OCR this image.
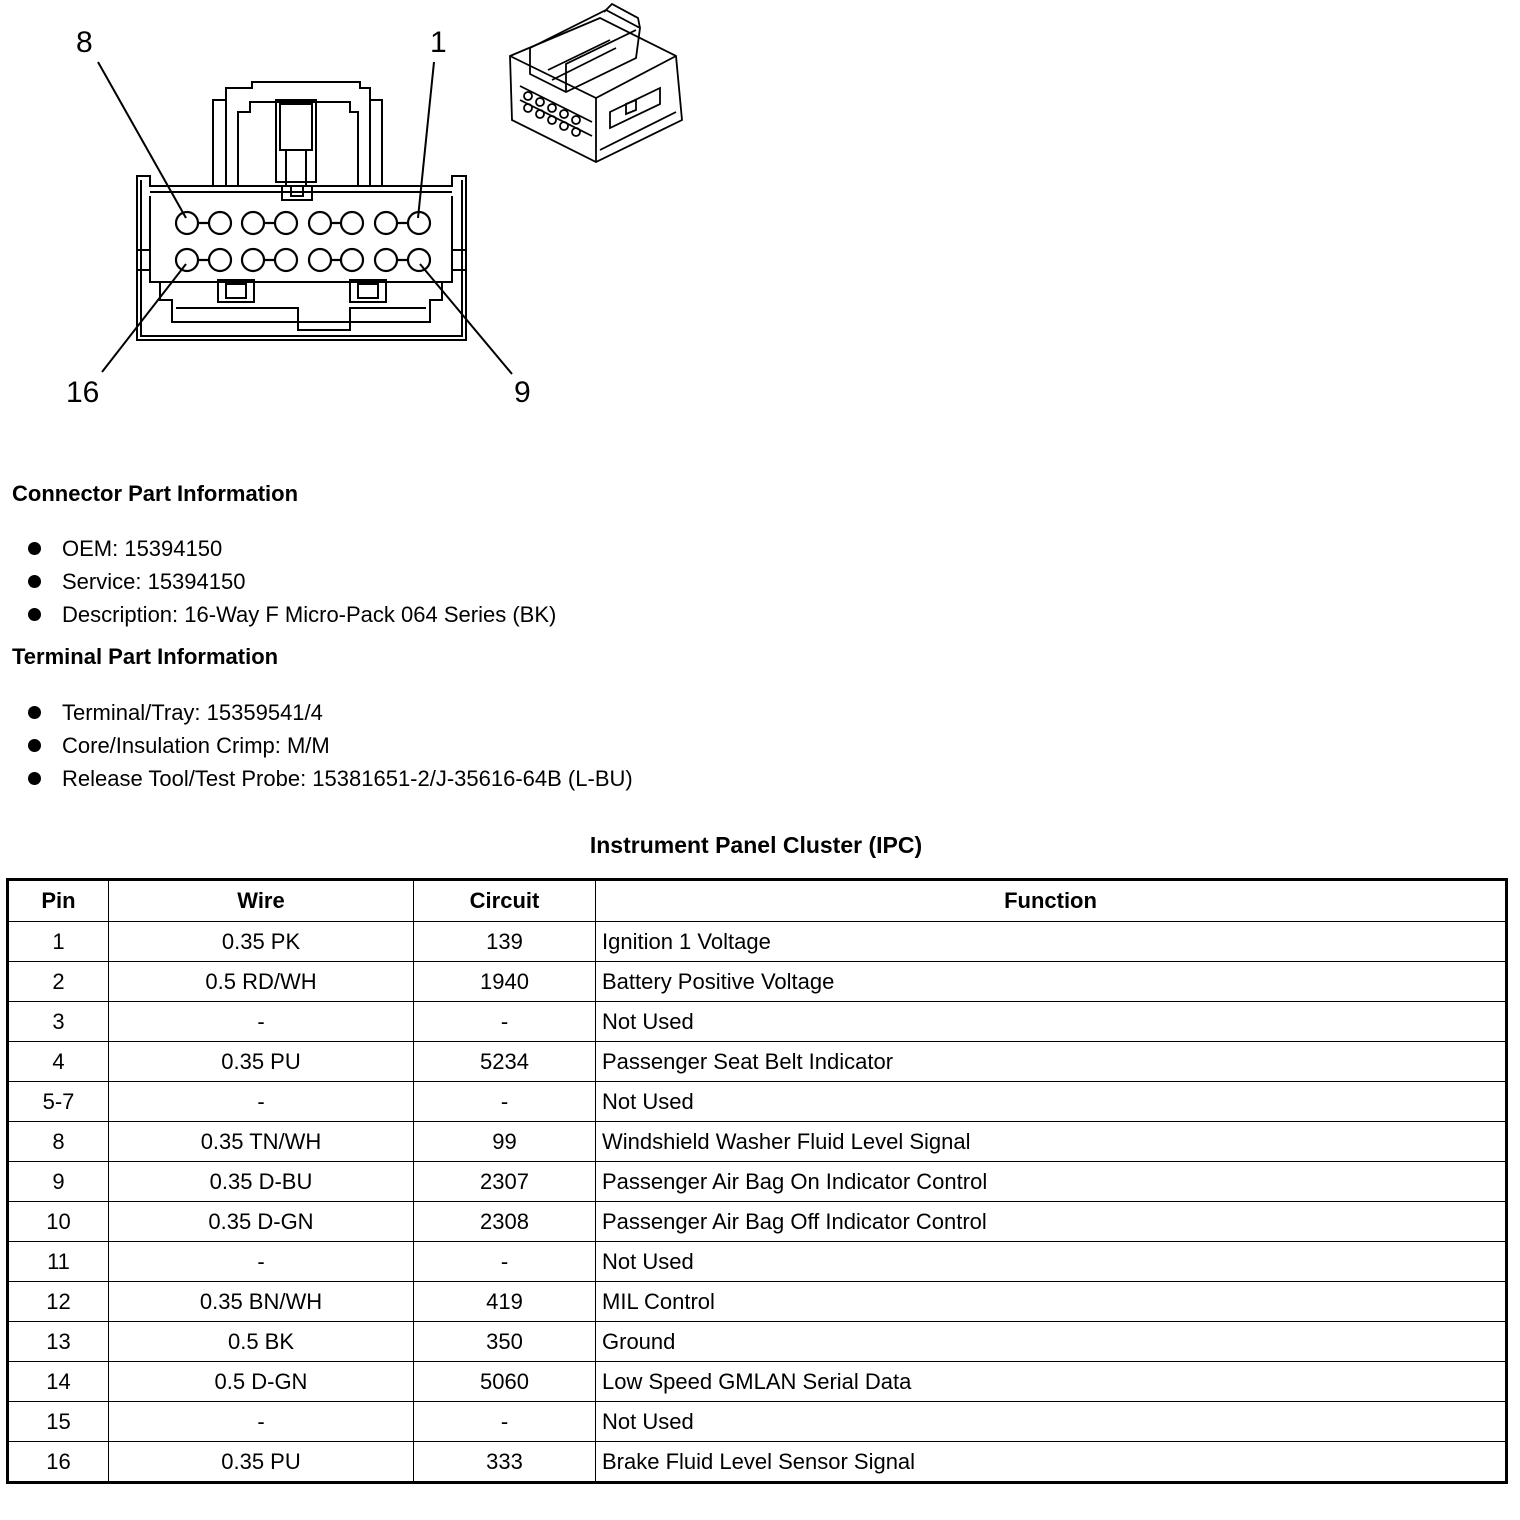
8	1
16	9
Connector Part Information
OEM: 15394150
Service: 15394150
Description: 16-Way F Micro-Pack 064 Series (BK)
Terminal Part Information
Terminal/Tray: 15359541/4
Core/Insulation Crimp: M/M
Release Tool/Test Probe: 15381651-2/J-35616-64B (L-BU)
Instrument Panel Cluster (IPC)
Pin	Wire	Circuit	Function
1	0.35 PK	139	Ignition 1 Voltage
2	0.5 RD/WH	1940	Battery Positive Voltage
3	-	-	Not Used
4	0.35 PU	5234	Passenger Seat Belt Indicator
5-7	-	-	Not Used
8	0.35 TN/WH	99	Windshield Washer Fluid Level Signal
9	0.35 D-BU	2307	Passenger Air Bag On Indicator Control
10	0.35 D-GN	2308	Passenger Air Bag Off Indicator Control
11	-	-	Not Used
12	0.35 BN/WH	419	MIL Control
13	0.5 BK	350	Ground
14	0.5 D-GN	5060	Low Speed GMLAN Serial Data
15	-	-	Not Used
16	0.35 PU	333	Brake Fluid Level Sensor Signal
